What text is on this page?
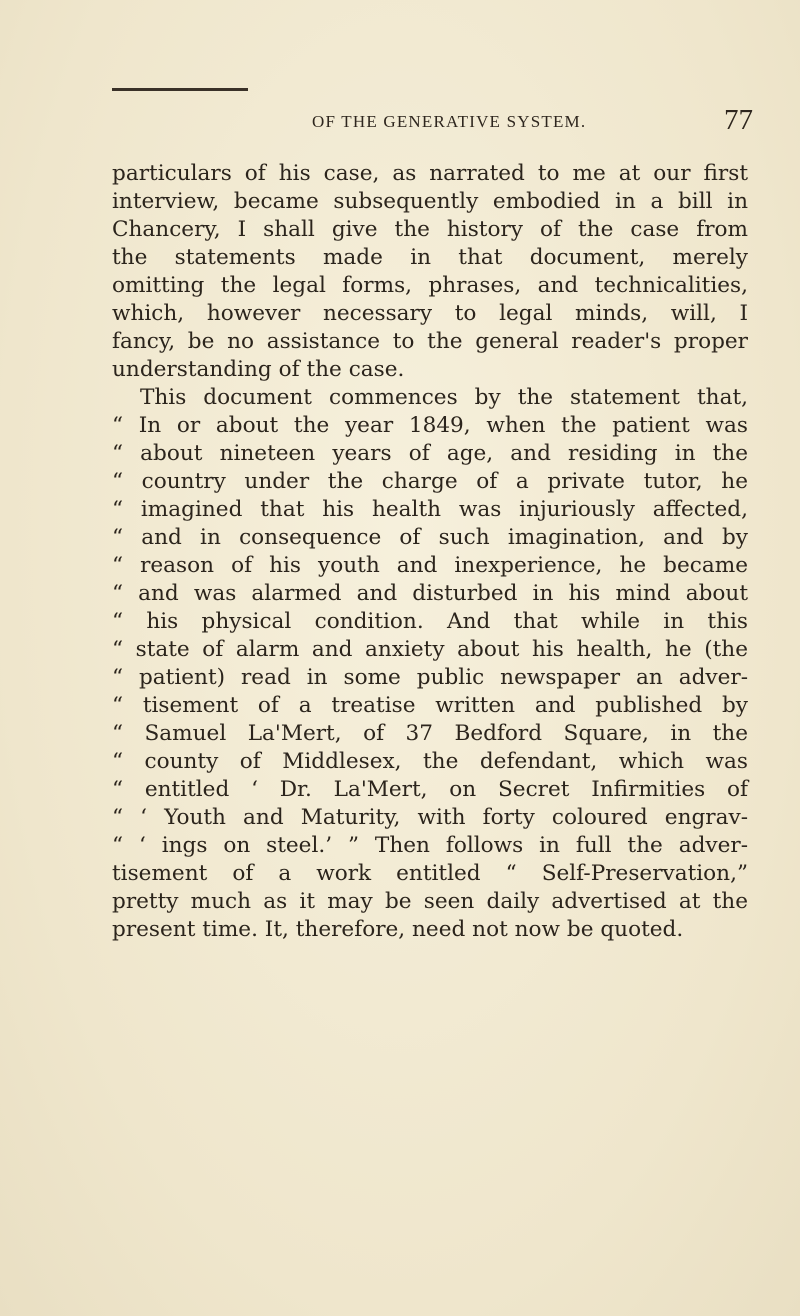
OF THE GENERATIVE SYSTEM.	77
particulars of his case, as narrated to me at our first
interview, became subsequently embodied in a bill in
Chancery, I shall give the history of the case from
the statements made in that document, merely
omitting the legal forms, phrases, and technicalities,
which, however necessary to legal minds, will, I
fancy, be no assistance to the general reader's proper
understanding of the case.
This document commences by the statement that,
“ In or about the year 1849, when the patient was
“ about nineteen years of age, and residing in the
“ country under the charge of a private tutor, he
“ imagined that his health was injuriously affected,
“ and in consequence of such imagination, and by
“ reason of his youth and inexperience, he became
“ and was alarmed and disturbed in his mind about
“ his physical condition. And that while in this
“ state of alarm and anxiety about his health, he (the
“ patient) read in some public newspaper an adver-
“ tisement of a treatise written and published by
“ Samuel La'Mert, of 37 Bedford Square, in the
“ county of Middlesex, the defendant, which was
“ entitled ‘ Dr. La'Mert, on Secret Infirmities of
“ ‘ Youth and Maturity, with forty coloured engrav-
“ ‘ ings on steel.’ ” Then follows in full the adver-
tisement of a work entitled “ Self-Preservation,”
pretty much as it may be seen daily advertised at the
present time. It, therefore, need not now be quoted.
